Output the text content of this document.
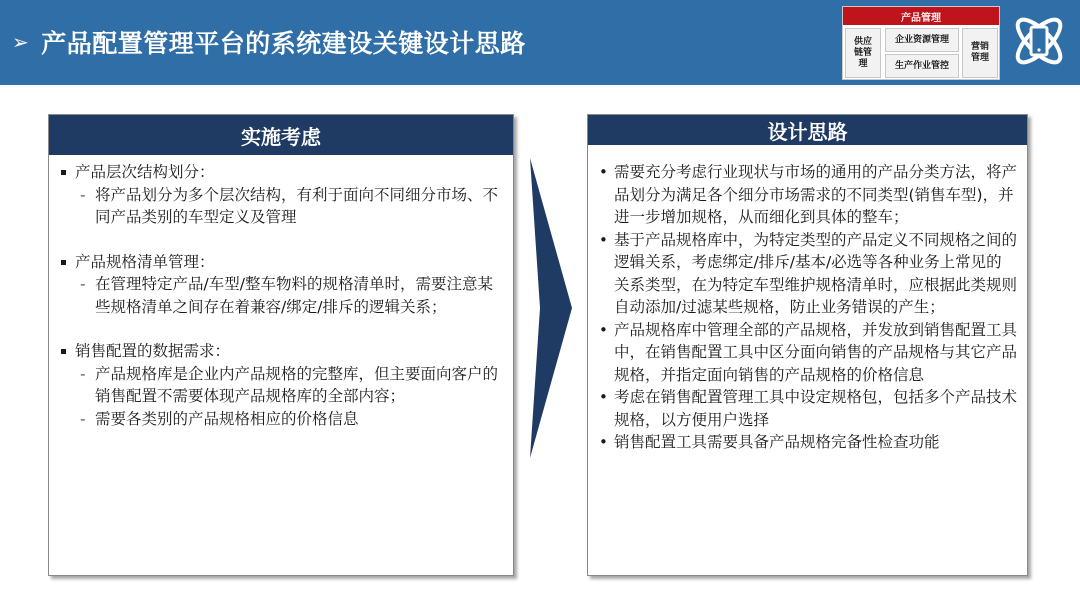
➢ 产品配置管理平台的系统建设关键设计思路
产品管理
供应链管理
企业资源管理
生产作业管控
营销管理
实施考虑
产品层次结构划分：
- 将产品划分为多个层次结构，有利于面向不同细分市场、不同产品类别的车型定义及管理
产品规格清单管理：
- 在管理特定产品/车型/整车物料的规格清单时，需要注意某些规格清单之间存在着兼容/绑定/排斥的逻辑关系；
销售配置的数据需求：
- 产品规格库是企业内产品规格的完整库，但主要面向客户的销售配置不需要体现产品规格库的全部内容；
- 需要各类别的产品规格相应的价格信息
设计思路
• 需要充分考虑行业现状与市场的通用的产品分类方法，将产品划分为满足各个细分市场需求的不同类型(销售车型)，并进一步增加规格，从而细化到具体的整车；
• 基于产品规格库中，为特定类型的产品定义不同规格之间的逻辑关系，考虑绑定/排斥/基本/必选等各种业务上常见的关系类型，在为特定车型维护规格清单时，应根据此类规则自动添加/过滤某些规格，防止业务错误的产生；
• 产品规格库中管理全部的产品规格，并发放到销售配置工具中，在销售配置工具中区分面向销售的产品规格与其它产品规格，并指定面向销售的产品规格的价格信息
• 考虑在销售配置管理工具中设定规格包，包括多个产品技术规格，以方便用户选择
• 销售配置工具需要具备产品规格完备性检查功能
